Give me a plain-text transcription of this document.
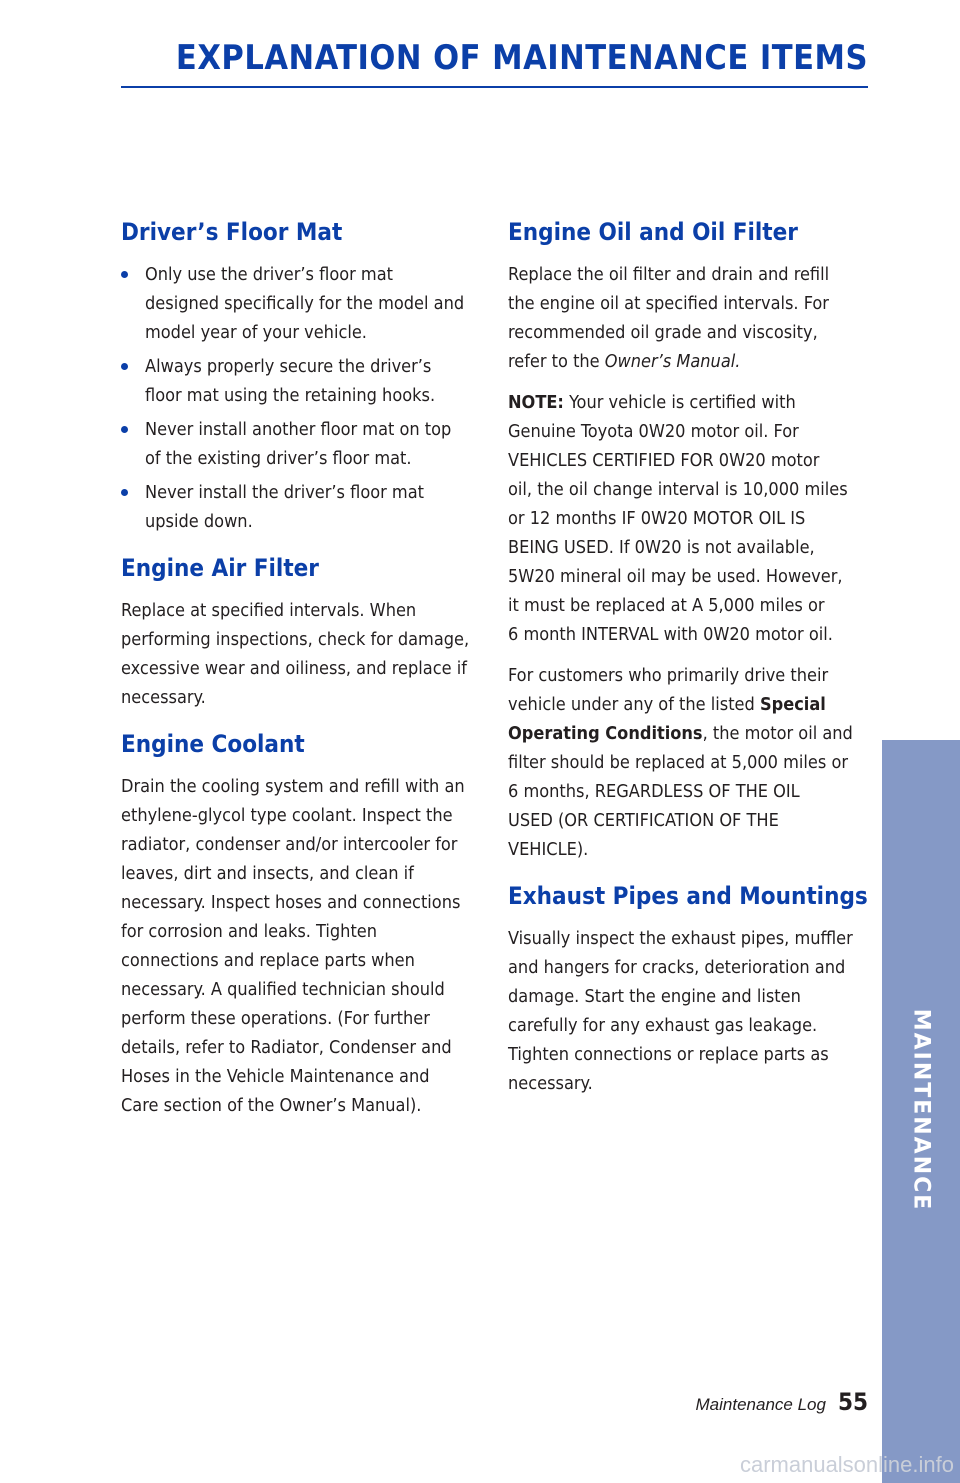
EXPLANATION OF MAINTENANCE ITEMS
Driver’s Floor Mat
Only use the driver’s floor mat
designed specifically for the model and
model year of your vehicle.
Always properly secure the driver’s
floor mat using the retaining hooks.
Never install another floor mat on top
of the existing driver’s floor mat.
Never install the driver’s floor mat
upside down.
Engine Air Filter

Replace at specified intervals. When
performing inspections, check for damage,
excessive wear and oiliness, and replace if
necessary.

Engine Coolant

Drain the cooling system and refill with an
ethylene-glycol type coolant. Inspect the
radiator, condenser and/or intercooler for
leaves, dirt and insects, and clean if
necessary. Inspect hoses and connections
for corrosion and leaks. Tighten
connections and replace parts when
necessary. A qualified technician should
perform these operations. (For further
details, refer to Radiator, Condenser and
Hoses in the Vehicle Maintenance and
Care section of the Owner’s Manual).

Engine Oil and Oil Filter

Replace the oil filter and drain and refill
the engine oil at specified intervals. For
recommended oil grade and viscosity,
refer to the Owner’s Manual.

NOTE: Your vehicle is certified with
Genuine Toyota 0W20 motor oil. For
VEHICLES CERTIFIED FOR 0W20 motor
oil, the oil change interval is 10,000 miles
or 12 months IF 0W20 MOTOR OIL IS
BEING USED. If 0W20 is not available,
5W20 mineral oil may be used. However,
it must be replaced at A 5,000 miles or
6 month INTERVAL with 0W20 motor oil.

For customers who primarily drive their
vehicle under any of the listed Special
Operating Conditions, the motor oil and
filter should be replaced at 5,000 miles or
6 months, REGARDLESS OF THE OIL
USED (OR CERTIFICATION OF THE
VEHICLE).

Exhaust Pipes and Mountings

Visually inspect the exhaust pipes, muffler
and hangers for cracks, deterioration and
damage. Start the engine and listen
carefully for any exhaust gas leakage.
Tighten connections or replace parts as
necessary.	MAINTENANCE
Maintenance Log 55
carmanualsonline.info
